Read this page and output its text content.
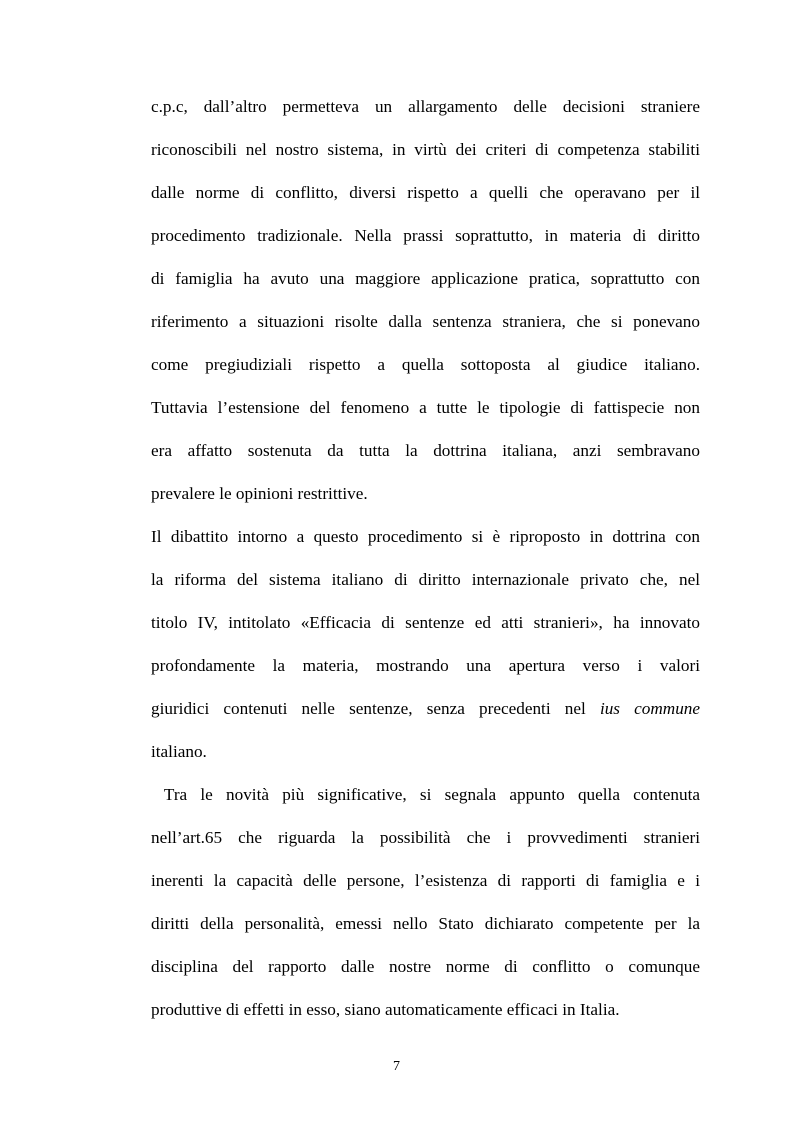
c.p.c, dall’altro permetteva un allargamento delle decisioni straniere
riconoscibili nel nostro sistema, in virtù dei criteri di competenza stabiliti
dalle norme di conflitto, diversi rispetto a quelli che operavano per il
procedimento tradizionale. Nella prassi soprattutto, in materia di diritto
di famiglia ha avuto una maggiore applicazione pratica, soprattutto con
riferimento a situazioni risolte dalla sentenza straniera, che si ponevano
come pregiudiziali rispetto a quella sottoposta al giudice italiano.
Tuttavia l’estensione del fenomeno a tutte le tipologie di fattispecie non
era affatto sostenuta da tutta la dottrina italiana, anzi sembravano
prevalere le opinioni restrittive.
Il dibattito intorno a questo procedimento si è riproposto in dottrina con
la riforma del sistema italiano di diritto internazionale privato che, nel
titolo IV, intitolato «Efficacia di sentenze ed atti stranieri», ha innovato
profondamente la materia, mostrando una apertura verso i valori
giuridici contenuti nelle sentenze, senza precedenti nel ius commune
italiano.
Tra le novità più significative, si segnala appunto quella contenuta
nell’art.65 che riguarda la possibilità che i provvedimenti stranieri
inerenti la capacità delle persone, l’esistenza di rapporti di famiglia e i
diritti della personalità, emessi nello Stato dichiarato competente per la
disciplina del rapporto dalle nostre norme di conflitto o comunque
produttive di effetti in esso, siano automaticamente efficaci in Italia.
7
